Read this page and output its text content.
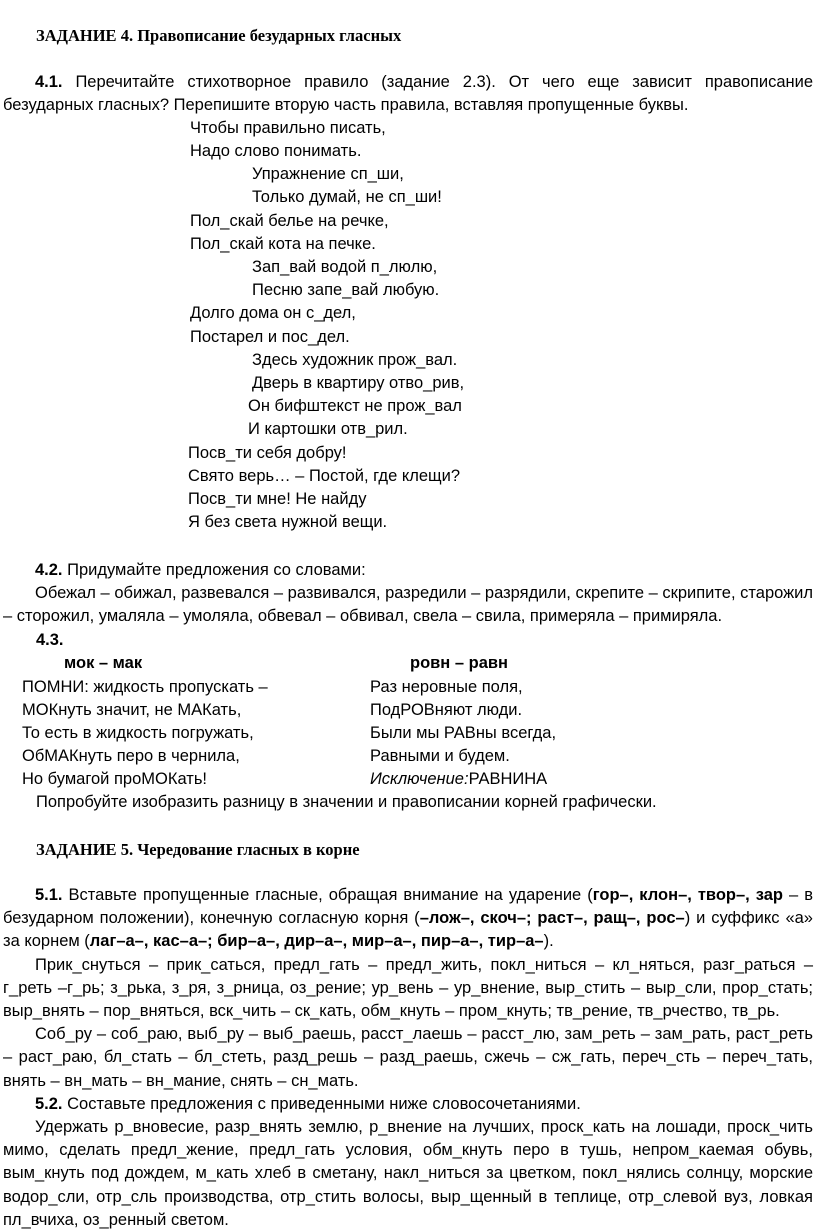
ЗАДАНИЕ 4. Правописание безударных гласных

4.1. Перечитайте стихотворное правило (задание 2.3). От чего еще зависит правописание безударных гласных? Перепишите вторую часть правила, вставляя пропущенные буквы.

Чтобы правильно писать,
Надо слово понимать.
Упражнение сп_ши,
Только думай, не сп_ши!
Пол_скай белье на речке,
Пол_скай кота на печке.
Зап_вай водой п_люлю,
Песню запе_вай любую.
Долго дома он с_дел,
Постарел и пос_дел.
Здесь художник прож_вал.
Дверь в квартиру отво_рив,
Он бифштекст не прож_вал
И картошки отв_рил.
Посв_ти себя добру!
Свято верь… – Постой, где клещи?
Посв_ти мне! Не найду
Я без света нужной вещи.

4.2. Придумайте предложения со словами:

Обежал – обижал, развевался – развивался, разредили – разрядили, скрепите – скрипите, старожил – сторожил, умаляла – умоляла, обвевал – обвивал, свела – свила, примеряла – примиряла.

4.3.
мок – мак	ровн – равн
ПОМНИ: жидкость пропускать –
МОКнуть значит, не МАКать,
То есть в жидкость погружать,
ОбМАКнуть перо в чернила,
Но бумагой проМОКать!
Раз неровные поля,
ПодРОВняют люди.
Были мы РАВны всегда,
Равными и будем.
Исключение:РАВНИНА
Попробуйте изобразить разницу в значении и правописании корней графически.
ЗАДАНИЕ 5. Чередование гласных в корне

5.1. Вставьте пропущенные гласные, обращая внимание на ударение (гор–, клон–, твор–, зар – в безударном положении), конечную согласную корня (–лож–, скоч–; раст–, ращ–, рос–) и суффикс «а» за корнем (лаг–а–, кас–а–; бир–а–, дир–а–, мир–а–, пир–а–, тир–а–).

Прик_снуться – прик_саться, предл_гать – предл_жить, покл_ниться – кл_няться, разг_раться – г_реть –г_рь; з_рька, з_ря, з_рница, оз_рение; ур_вень – ур_внение, выр_стить – выр_сли, прор_стать; выр_внять – пор_вняться, вск_чить – ск_кать, обм_кнуть – пром_кнуть; тв_рение, тв_рчество, тв_рь.

Соб_ру – соб_раю, выб_ру – выб_раешь, расст_лаешь – расст_лю, зам_реть – зам_рать, раст_реть – раст_раю, бл_стать – бл_стеть, разд_решь – разд_раешь, сжечь – сж_гать, переч_сть – переч_тать, внять – вн_мать – вн_мание, снять – сн_мать.

5.2. Составьте предложения с приведенными ниже словосочетаниями.

Удержать р_вновесие, разр_внять землю, р_внение на лучших, проск_кать на лошади, проск_чить мимо, сделать предл_жение, предл_гать условия, обм_кнуть перо в тушь, непром_каемая обувь, вым_кнуть под дождем, м_кать хлеб в сметану, накл_ниться за цветком, покл_нялись солнцу, морские водор_сли, отр_сль производства, отр_стить волосы, выр_щенный в теплице, отр_слевой вуз, ловкая пл_вчиха, оз_ренный светом.
